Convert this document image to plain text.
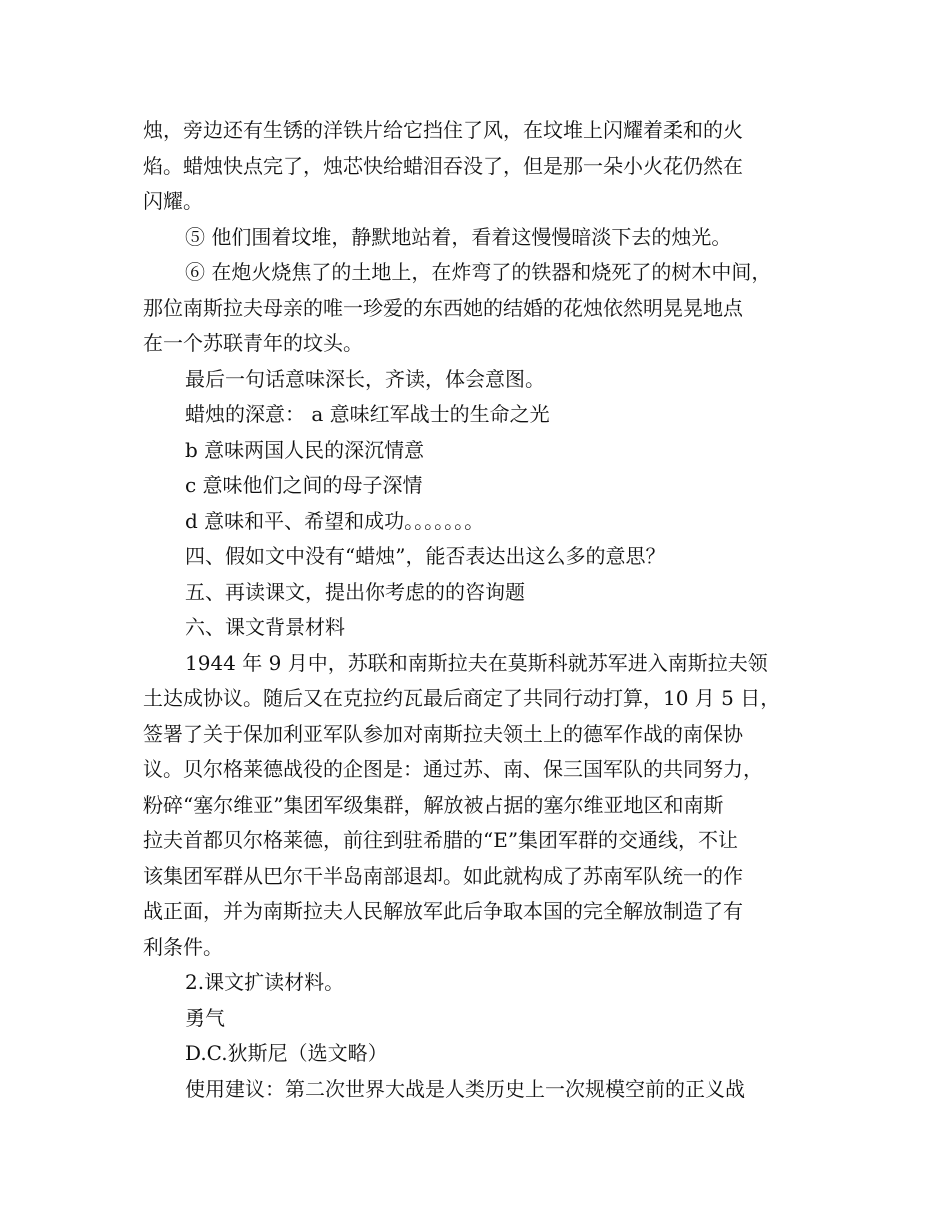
烛，旁边还有生锈的洋铁片给它挡住了风，在坟堆上闪耀着柔和的火
焰。蜡烛快点完了，烛芯快给蜡泪吞没了，但是那一朵小火花仍然在
闪耀。
⑤ 他们围着坟堆，静默地站着，看着这慢慢暗淡下去的烛光。
⑥ 在炮火烧焦了的土地上，在炸弯了的铁器和烧死了的树木中间，
那位南斯拉夫母亲的唯一珍爱的东西她的结婚的花烛依然明晃晃地点
在一个苏联青年的坟头。
最后一句话意味深长，齐读，体会意图。
蜡烛的深意： a 意味红军战士的生命之光
b 意味两国人民的深沉情意
c 意味他们之间的母子深情
d 意味和平、希望和成功。。。。。。。
四、假如文中没有“蜡烛”，能否表达出这么多的意思？
五、再读课文，提出你考虑的的咨询题
六、课文背景材料
1944 年 9 月中，苏联和南斯拉夫在莫斯科就苏军进入南斯拉夫领
土达成协议。随后又在克拉约瓦最后商定了共同行动打算，10 月 5 日，
签署了关于保加利亚军队参加对南斯拉夫领土上的德军作战的南保协
议。贝尔格莱德战役的企图是：通过苏、南、保三国军队的共同努力，
粉碎“塞尔维亚”集团军级集群，解放被占据的塞尔维亚地区和南斯
拉夫首都贝尔格莱德，前往到驻希腊的“E”集团军群的交通线，不让
该集团军群从巴尔干半岛南部退却。如此就构成了苏南军队统一的作
战正面，并为南斯拉夫人民解放军此后争取本国的完全解放制造了有
利条件。
2.课文扩读材料。
勇气
D.C.狄斯尼（选文略）
使用建议：第二次世界大战是人类历史上一次规模空前的正义战
